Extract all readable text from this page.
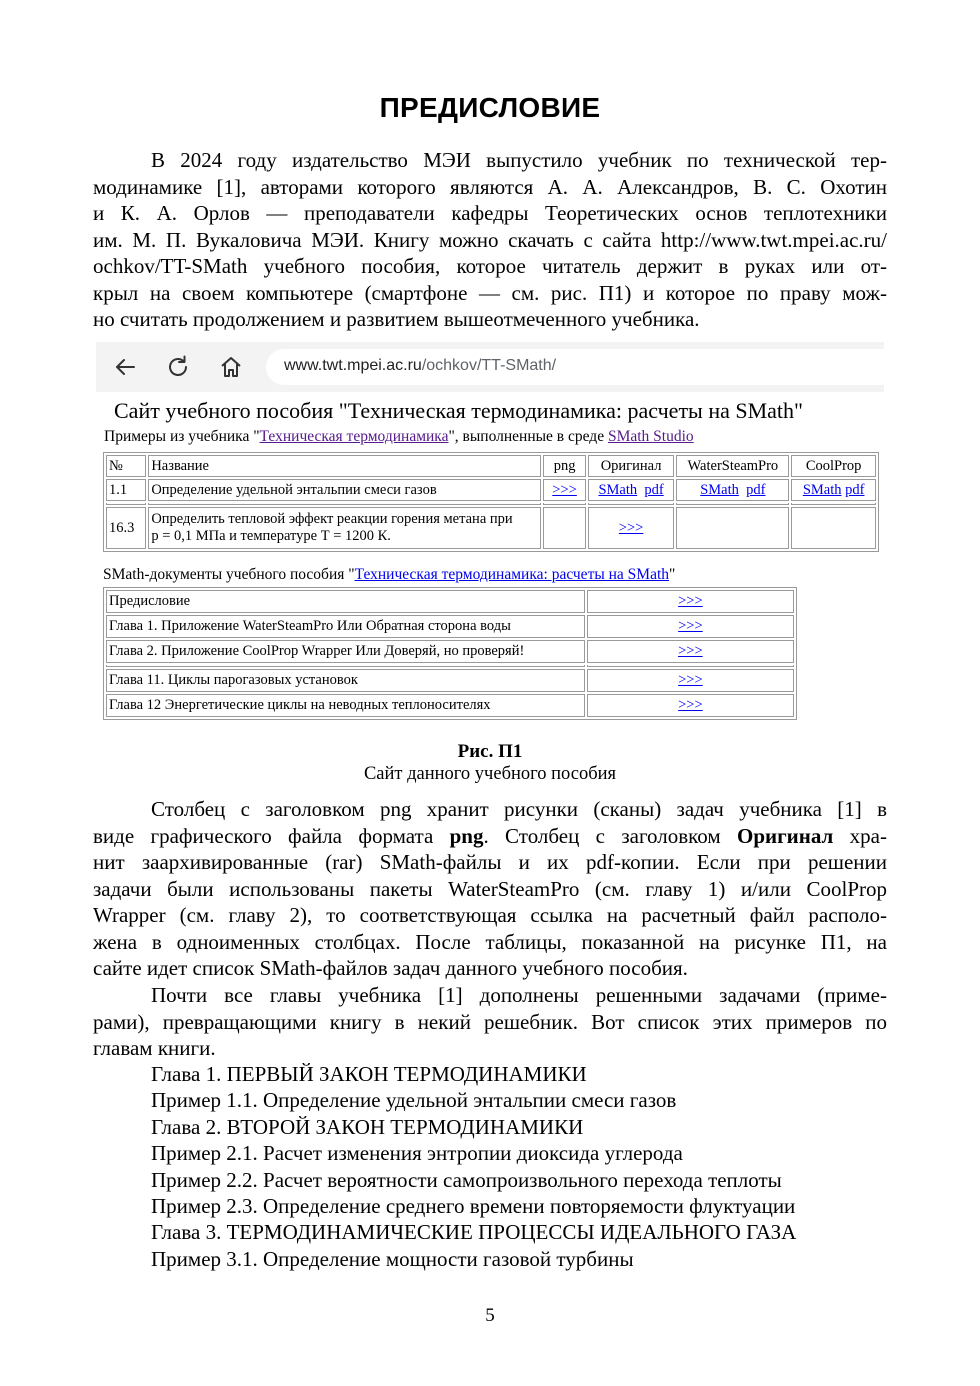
ПРЕДИСЛОВИЕ
В 2024 году издательство МЭИ выпустило учебник по технической тер-
модинамике [1], авторами которого являются А. А. Александров, В. С. Охотин
и К. А. Орлов — преподаватели кафедры Теоретических основ теплотехники
им. М. П. Вукаловича МЭИ. Книгу можно скачать с сайта http://www.twt.mpei.ac.ru/
ochkov/TT-SMath учебного пособия, которое читатель держит в руках или от-
крыл на своем компьютере (смартфоне — см. рис. П1) и которое по праву мож-
но считать продолжением и развитием вышеотмеченного учебника.
www.twt.mpei.ac.ru/ochkov/TT-SMath/
Сайт учебного пособия "Техническая термодинамика: расчеты на SMath"
Примеры из учебника "Техническая термодинамика", выполненные в среде SMath Studio
№	Название	png	Оригинал	WaterSteamPro	CoolProp
1.1	Определение удельной энтальпии смеси газов	>>>	SMath pdf	SMath pdf	SMath pdf

16.3	Определить тепловой эффект реакции горения метана при
р = 0,1 МПа и температуре Т = 1200 К.		>>>		
SMath-документы учебного пособия "Техническая термодинамика: расчеты на SMath"
Предисловие	>>>
Глава 1. Приложение WaterSteamPro Или Обратная сторона воды	>>>
Глава 2. Приложение CoolProp Wrapper Или Доверяй, но проверяй!	>>>

Глава 11. Циклы парогазовых установок	>>>
Глава 12 Энергетические циклы на неводных теплоносителях	>>>
Рис. П1
Сайт данного учебного пособия
Столбец с заголовком png хранит рисунки (сканы) задач учебника [1] в
виде графического файла формата png. Столбец с заголовком Оригинал хра-
нит заархивированные (rar) SMath-файлы и их pdf-копии. Если при решении
задачи были использованы пакеты WaterSteamPro (см. главу 1) и/или CoolProp
Wrapper (см. главу 2), то соответствующая ссылка на расчетный файл располо-
жена в одноименных столбцах. После таблицы, показанной на рисунке П1, на
сайте идет список SMath-файлов задач данного учебного пособия.
Почти все главы учебника [1] дополнены решенными задачами (приме-
рами), превращающими книгу в некий решебник. Вот список этих примеров по
главам книги.
Глава 1. ПЕРВЫЙ ЗАКОН ТЕРМОДИНАМИКИ
Пример 1.1. Определение удельной энтальпии смеси газов
Глава 2. ВТОРОЙ ЗАКОН ТЕРМОДИНАМИКИ
Пример 2.1. Расчет изменения энтропии диоксида углерода
Пример 2.2. Расчет вероятности самопроизвольного перехода теплоты
Пример 2.3. Определение среднего времени повторяемости флуктуации
Глава 3. ТЕРМОДИНАМИЧЕСКИЕ ПРОЦЕССЫ ИДЕАЛЬНОГО ГАЗА
Пример 3.1. Определение мощности газовой турбины
5
